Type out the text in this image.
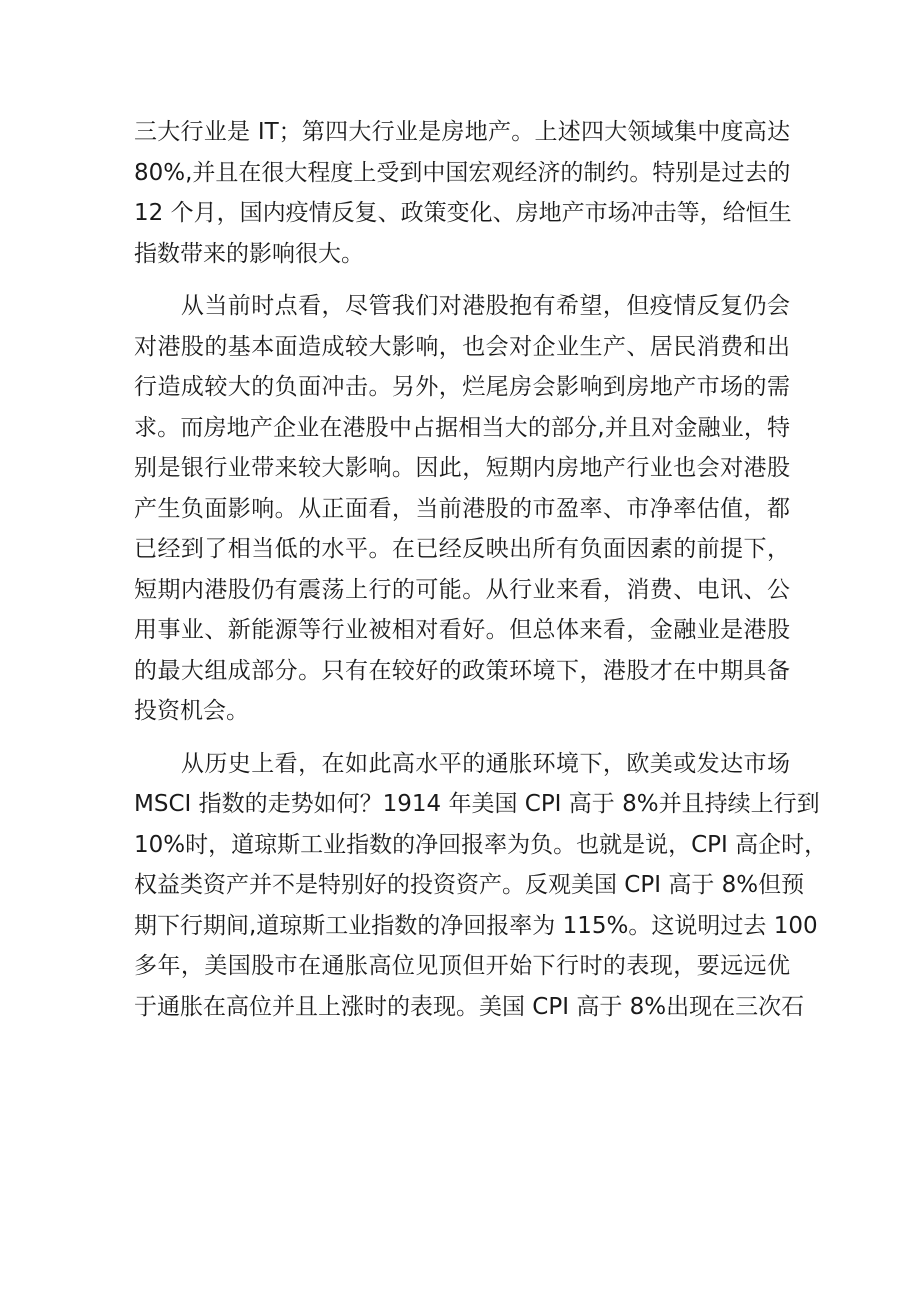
三大行业是 IT；第四大行业是房地产。上述四大领域集中度高达
80%,并且在很大程度上受到中国宏观经济的制约。特别是过去的
12 个月，国内疫情反复、政策变化、房地产市场冲击等，给恒生
指数带来的影响很大。
　　从当前时点看，尽管我们对港股抱有希望，但疫情反复仍会
对港股的基本面造成较大影响，也会对企业生产、居民消费和出
行造成较大的负面冲击。另外，烂尾房会影响到房地产市场的需
求。而房地产企业在港股中占据相当大的部分,并且对金融业，特
别是银行业带来较大影响。因此，短期内房地产行业也会对港股
产生负面影响。从正面看，当前港股的市盈率、市净率估值，都
已经到了相当低的水平。在已经反映出所有负面因素的前提下，
短期内港股仍有震荡上行的可能。从行业来看，消费、电讯、公
用事业、新能源等行业被相对看好。但总体来看，金融业是港股
的最大组成部分。只有在较好的政策环境下，港股才在中期具备
投资机会。
　　从历史上看，在如此高水平的通胀环境下，欧美或发达市场
MSCI 指数的走势如何？1914 年美国 CPI 高于 8%并且持续上行到
10%时，道琼斯工业指数的净回报率为负。也就是说，CPI 高企时，
权益类资产并不是特别好的投资资产。反观美国 CPI 高于 8%但预
期下行期间,道琼斯工业指数的净回报率为 115%。这说明过去 100
多年，美国股市在通胀高位见顶但开始下行时的表现，要远远优
于通胀在高位并且上涨时的表现。美国 CPI 高于 8%出现在三次石
